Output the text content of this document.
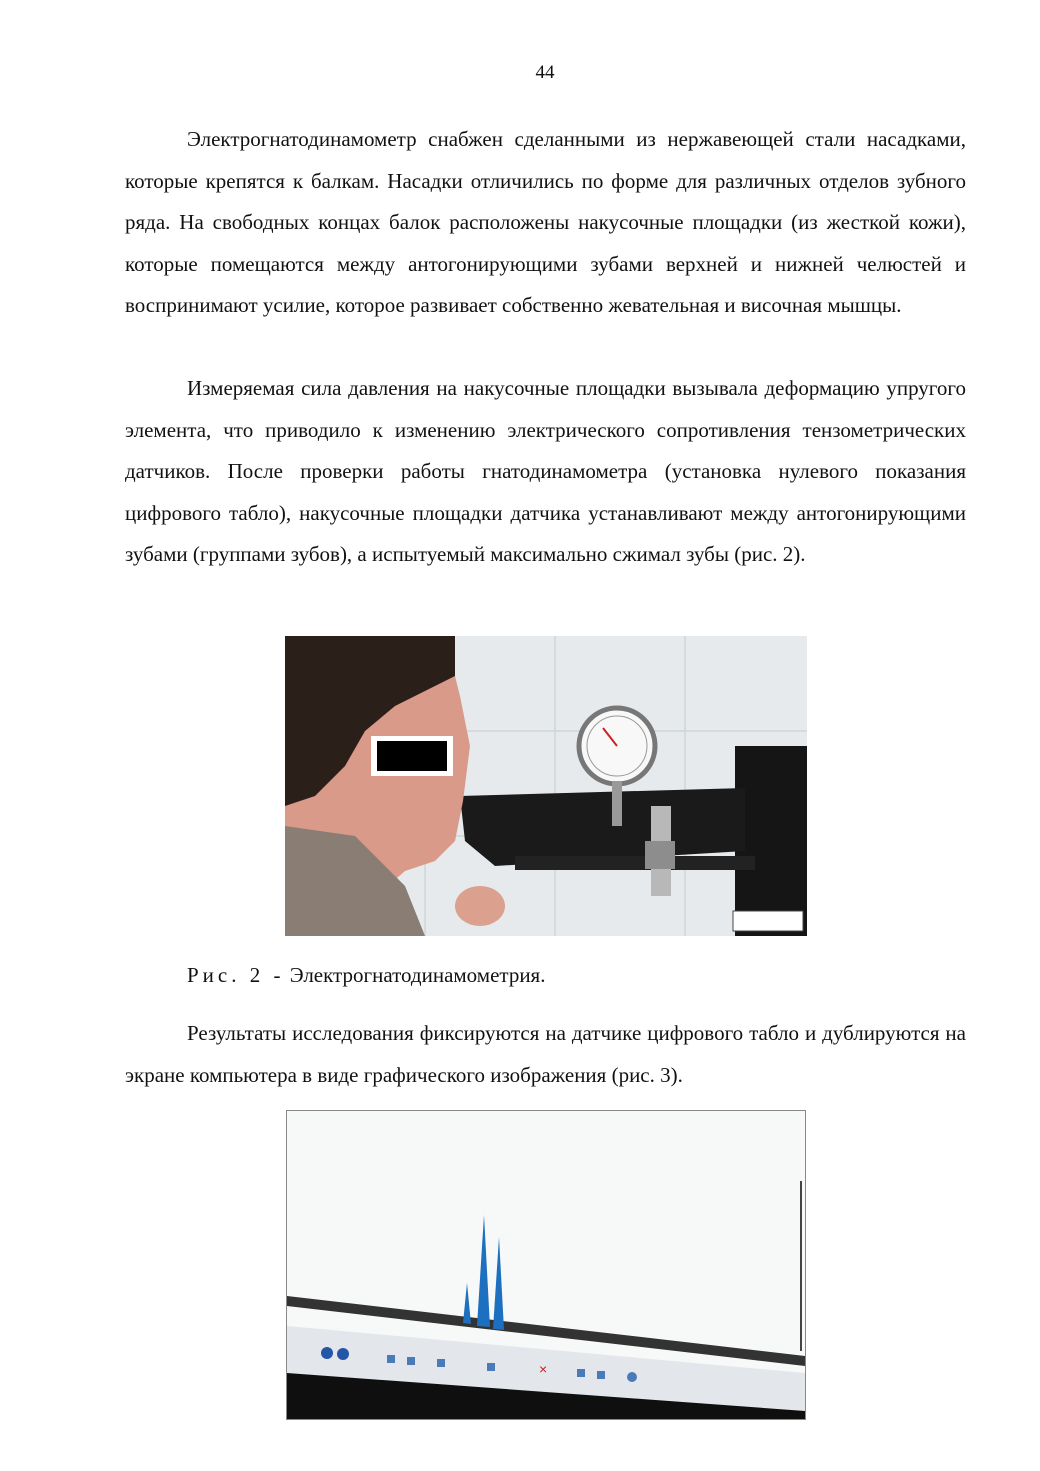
44

Электрогнатодинамометр снабжен сделанными из нержавеющей стали насадками, которые крепятся к балкам. Насадки отличились по форме для различных отделов зубного ряда. На свободных концах балок расположены накусочные площадки (из жесткой кожи), которые помещаются между антогонирующими зубами верхней и нижней челюстей и воспринимают усилие, которое развивает собственно жевательная и височная мышцы.

Измеряемая сила давления на накусочные площадки вызывала деформацию упругого элемента, что приводило к изменению электрического сопротивления тензометрических датчиков. После проверки работы гнатодинамометра (установка нулевого показания цифрового табло), накусочные площадки датчика устанавливают между антогонирующими зубами (группами зубов), а испытуемый максимально сжимал зубы (рис. 2).

Рис. 2 - Электрогнатодинамометрия.

Результаты исследования фиксируются на датчике цифрового табло и дублируются на экране компьютера в виде графического изображения (рис. 3).

×
